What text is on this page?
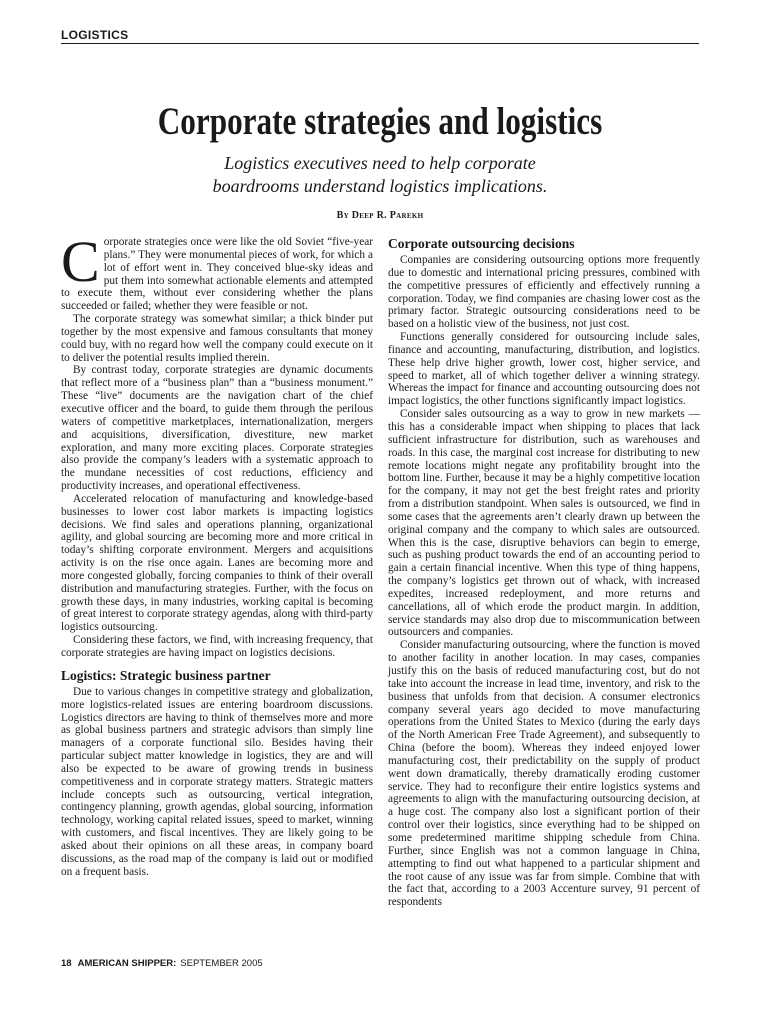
LOGISTICS
Corporate strategies and logistics
Logistics executives need to help corporate
boardrooms understand logistics implications.
By Deep R. Parekh

Corporate strategies once were like the old Soviet “five-year plans.” They were monumental pieces of work, for which a lot of effort went in. They conceived blue-sky ideas and put them into somewhat actionable elements and attempted to execute them, without ever considering whether the plans succeeded or failed; whether they were feasible or not.

The corporate strategy was somewhat similar; a thick binder put together by the most expensive and famous consultants that money could buy, with no regard how well the company could execute on it to deliver the potential results implied therein.

By contrast today, corporate strategies are dynamic documents that reflect more of a “business plan” than a “business monument.” These “live” documents are the navigation chart of the chief executive officer and the board, to guide them through the perilous waters of competitive marketplaces, internationalization, mergers and acquisitions, diversification, divestiture, new market exploration, and many more exciting places. Corporate strategies also provide the company’s leaders with a systematic approach to the mundane necessities of cost reductions, efficiency and productivity increases, and operational effectiveness.

Accelerated relocation of manufacturing and knowledge-based businesses to lower cost labor markets is impacting logistics decisions. We find sales and operations planning, organizational agility, and global sourcing are becoming more and more critical in today’s shifting corporate environment. Mergers and acquisitions activity is on the rise once again. Lanes are becoming more and more congested globally, forcing companies to think of their overall distribution and manufacturing strategies. Further, with the focus on growth these days, in many industries, working capital is becoming of great interest to corporate strategy agendas, along with third-party logistics outsourcing.

Considering these factors, we find, with increasing frequency, that corporate strategies are having impact on logistics decisions.

Logistics: Strategic business partner

Due to various changes in competitive strategy and globalization, more logistics-related issues are entering boardroom discussions. Logistics directors are having to think of themselves more and more as global business partners and strategic advisors than simply line managers of a corporate functional silo. Besides having their particular subject matter knowledge in logistics, they are and will also be expected to be aware of growing trends in business competitiveness and in corporate strategy matters. Strategic matters include concepts such as outsourcing, vertical integration, contingency planning, growth agendas, global sourcing, information technology, working capital related issues, speed to market, winning with customers, and fiscal incentives. They are likely going to be asked about their opinions on all these areas, in company board discussions, as the road map of the company is laid out or modified on a frequent basis.

Corporate outsourcing decisions

Companies are considering outsourcing options more frequently due to domestic and international pricing pressures, combined with the competitive pressures of efficiently and effectively running a corporation. Today, we find companies are chasing lower cost as the primary factor. Strategic outsourcing considerations need to be based on a holistic view of the business, not just cost.

Functions generally considered for outsourcing include sales, finance and accounting, manufacturing, distribution, and logistics. These help drive higher growth, lower cost, higher service, and speed to market, all of which together deliver a winning strategy. Whereas the impact for finance and accounting outsourcing does not impact logistics, the other functions significantly impact logistics.

Consider sales outsourcing as a way to grow in new markets — this has a considerable impact when shipping to places that lack sufficient infrastructure for distribution, such as warehouses and roads. In this case, the marginal cost increase for distributing to new remote locations might negate any profitability brought into the bottom line. Further, because it may be a highly competitive location for the company, it may not get the best freight rates and priority from a distribution standpoint. When sales is outsourced, we find in some cases that the agreements aren’t clearly drawn up between the original company and the company to which sales are outsourced. When this is the case, disruptive behaviors can begin to emerge, such as pushing product towards the end of an accounting period to gain a certain financial incentive. When this type of thing happens, the company’s logistics get thrown out of whack, with increased expedites, increased redeployment, and more returns and cancellations, all of which erode the product margin. In addition, service standards may also drop due to miscommunication between outsourcers and companies.

Consider manufacturing outsourcing, where the function is moved to another facility in another location. In may cases, companies justify this on the basis of reduced manufacturing cost, but do not take into account the increase in lead time, inventory, and risk to the business that unfolds from that decision. A consumer electronics company several years ago decided to move manufacturing operations from the United States to Mexico (during the early days of the North American Free Trade Agreement), and subsequently to China (before the boom). Whereas they indeed enjoyed lower manufacturing cost, their predictability on the supply of product went down dramatically, thereby dramatically eroding customer service. They had to reconfigure their entire logistics systems and agreements to align with the manufacturing outsourcing decision, at a huge cost. The company also lost a significant portion of their control over their logistics, since everything had to be shipped on some predetermined maritime shipping schedule from China. Further, since English was not a common language in China, attempting to find out what happened to a particular shipment and the root cause of any issue was far from simple. Combine that with the fact that, according to a 2003 Accenture survey, 91 percent of respondents

18 AMERICAN SHIPPER: SEPTEMBER 2005
